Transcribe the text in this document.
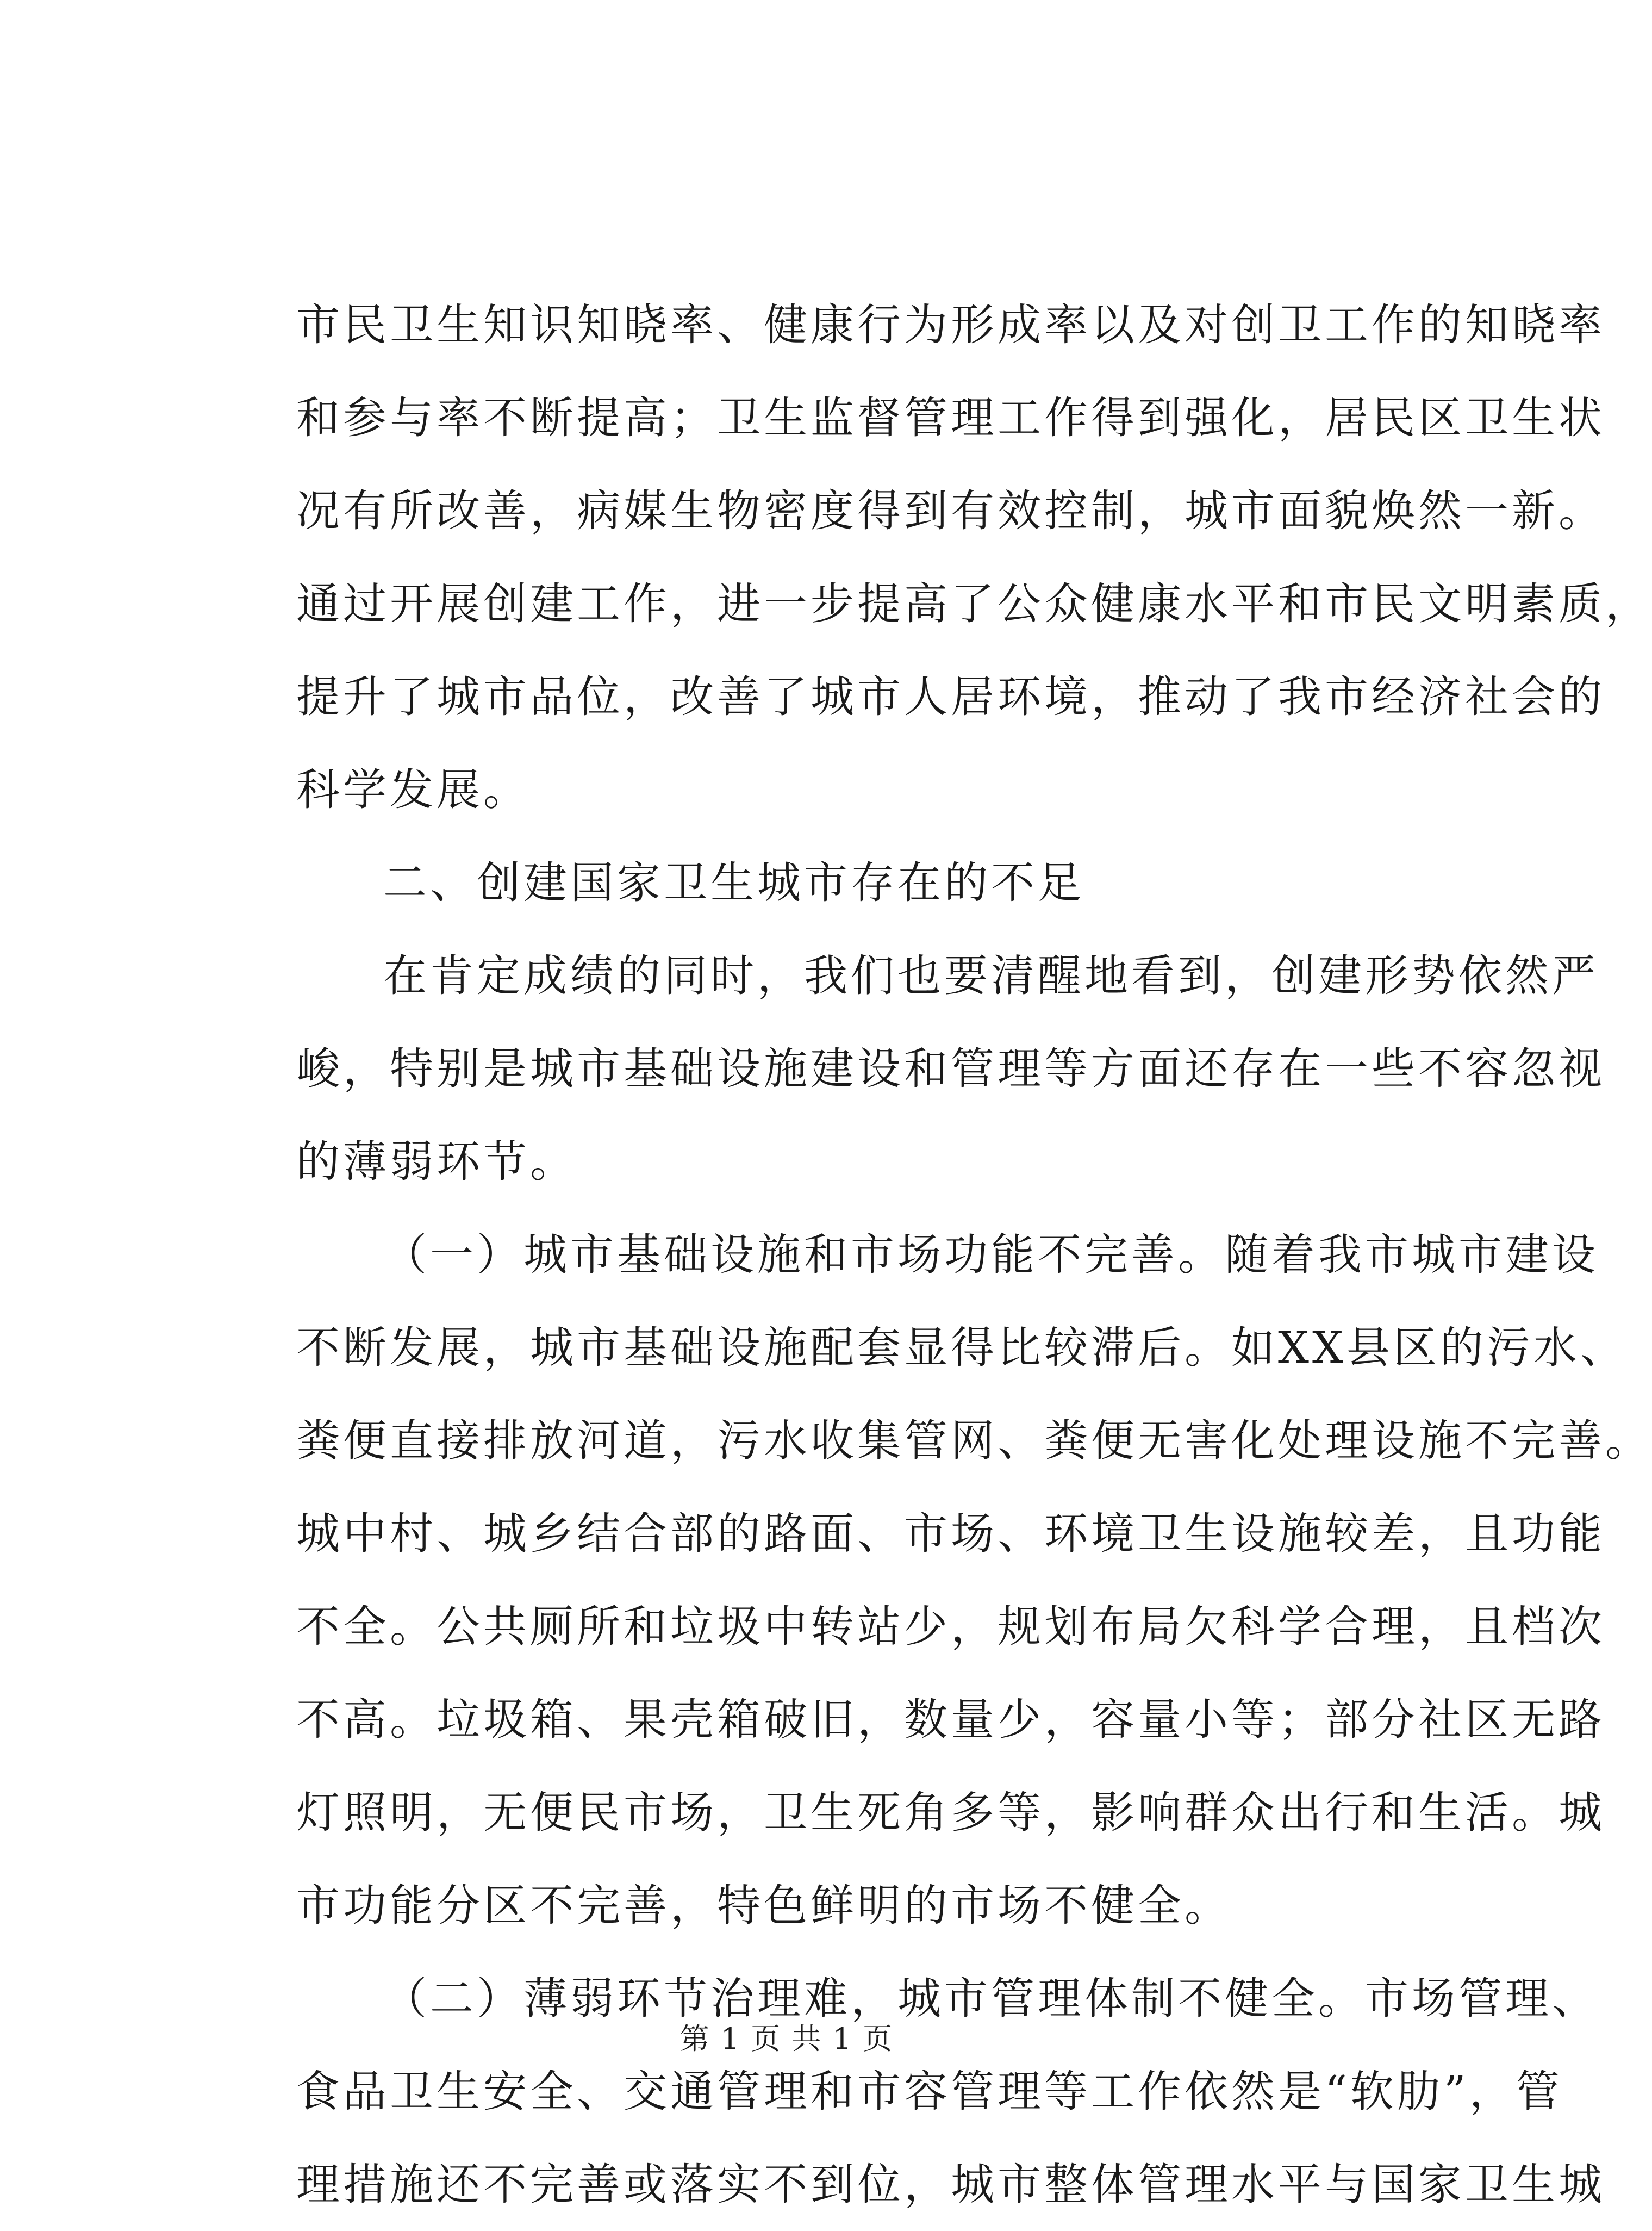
市民卫生知识知晓率、健康行为形成率以及对创卫工作的知晓率
和参与率不断提高；卫生监督管理工作得到强化，居民区卫生状
况有所改善，病媒生物密度得到有效控制，城市面貌焕然一新。
通过开展创建工作，进一步提高了公众健康水平和市民文明素质，
提升了城市品位，改善了城市人居环境，推动了我市经济社会的
科学发展。
二、创建国家卫生城市存在的不足
在肯定成绩的同时，我们也要清醒地看到，创建形势依然严
峻，特别是城市基础设施建设和管理等方面还存在一些不容忽视
的薄弱环节。
（一）城市基础设施和市场功能不完善。随着我市城市建设
不断发展，城市基础设施配套显得比较滞后。如XX县区的污水、
粪便直接排放河道，污水收集管网、粪便无害化处理设施不完善。
城中村、城乡结合部的路面、市场、环境卫生设施较差，且功能
不全。公共厕所和垃圾中转站少，规划布局欠科学合理，且档次
不高。垃圾箱、果壳箱破旧，数量少，容量小等；部分社区无路
灯照明，无便民市场，卫生死角多等，影响群众出行和生活。城
市功能分区不完善，特色鲜明的市场不健全。
（二）薄弱环节治理难，城市管理体制不健全。市场管理、
食品卫生安全、交通管理和市容管理等工作依然是“软肋”，管
理措施还不完善或落实不到位，城市整体管理水平与国家卫生城
第 1 页 共 1 页
